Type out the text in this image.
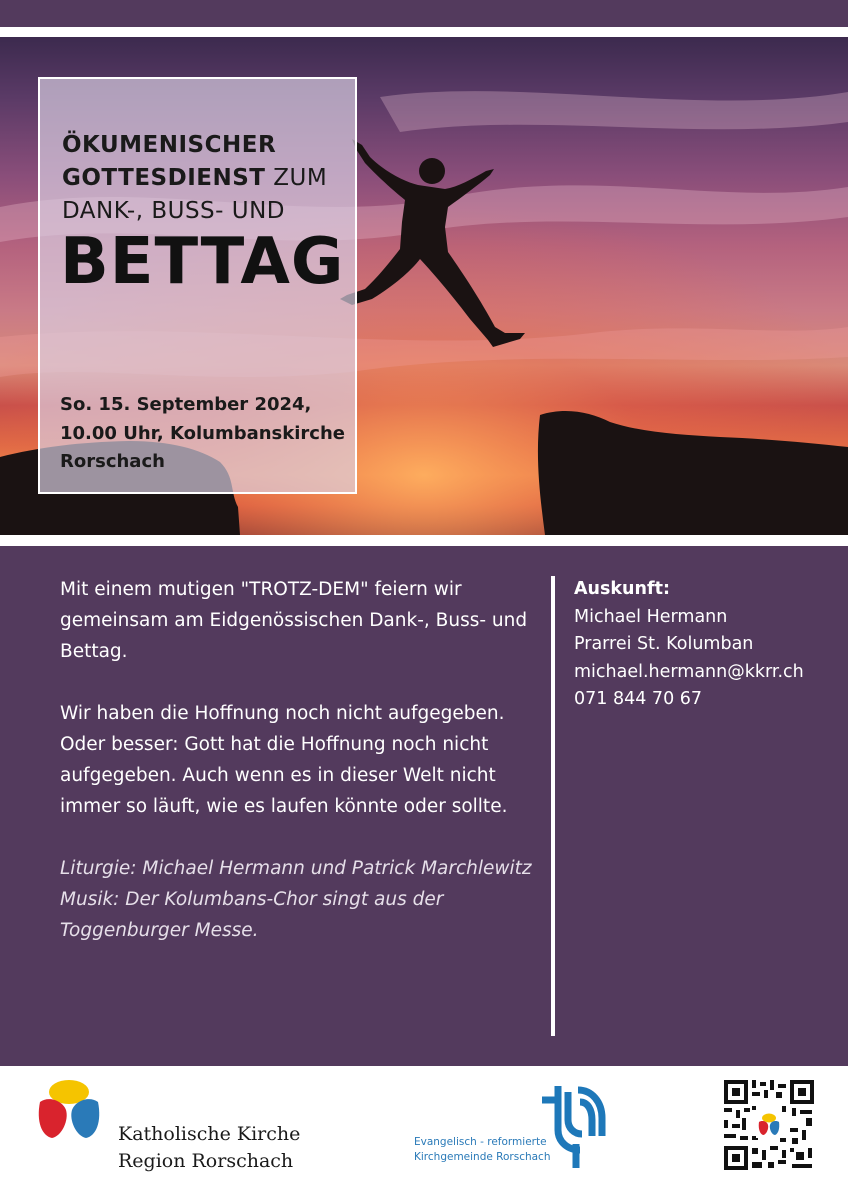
ÖKUMENISCHER
GOTTESDIENST ZUM
DANK-, BUSS- UND
BETTAG
So. 15. September 2024,
10.00 Uhr, Kolumbanskirche
Rorschach

Mit einem mutigen "TROTZ-DEM" feiern wir gemeinsam am Eidgenössischen Dank-, Buss- und Bettag.

Wir haben die Hoffnung noch nicht aufgegeben. Oder besser: Gott hat die Hoffnung noch nicht aufgegeben. Auch wenn es in dieser Welt nicht immer so läuft, wie es laufen könnte oder sollte.

Liturgie: Michael Hermann und Patrick Marchlewitz
Musik: Der Kolumbans-Chor singt aus der Toggenburger Messe.
Auskunft:
Michael Hermann
Prarrei St. Kolumban
michael.hermann@kkrr.ch
071 844 70 67
Katholische Kirche
Region Rorschach
Evangelisch - reformierte
Kirchgemeinde Rorschach
